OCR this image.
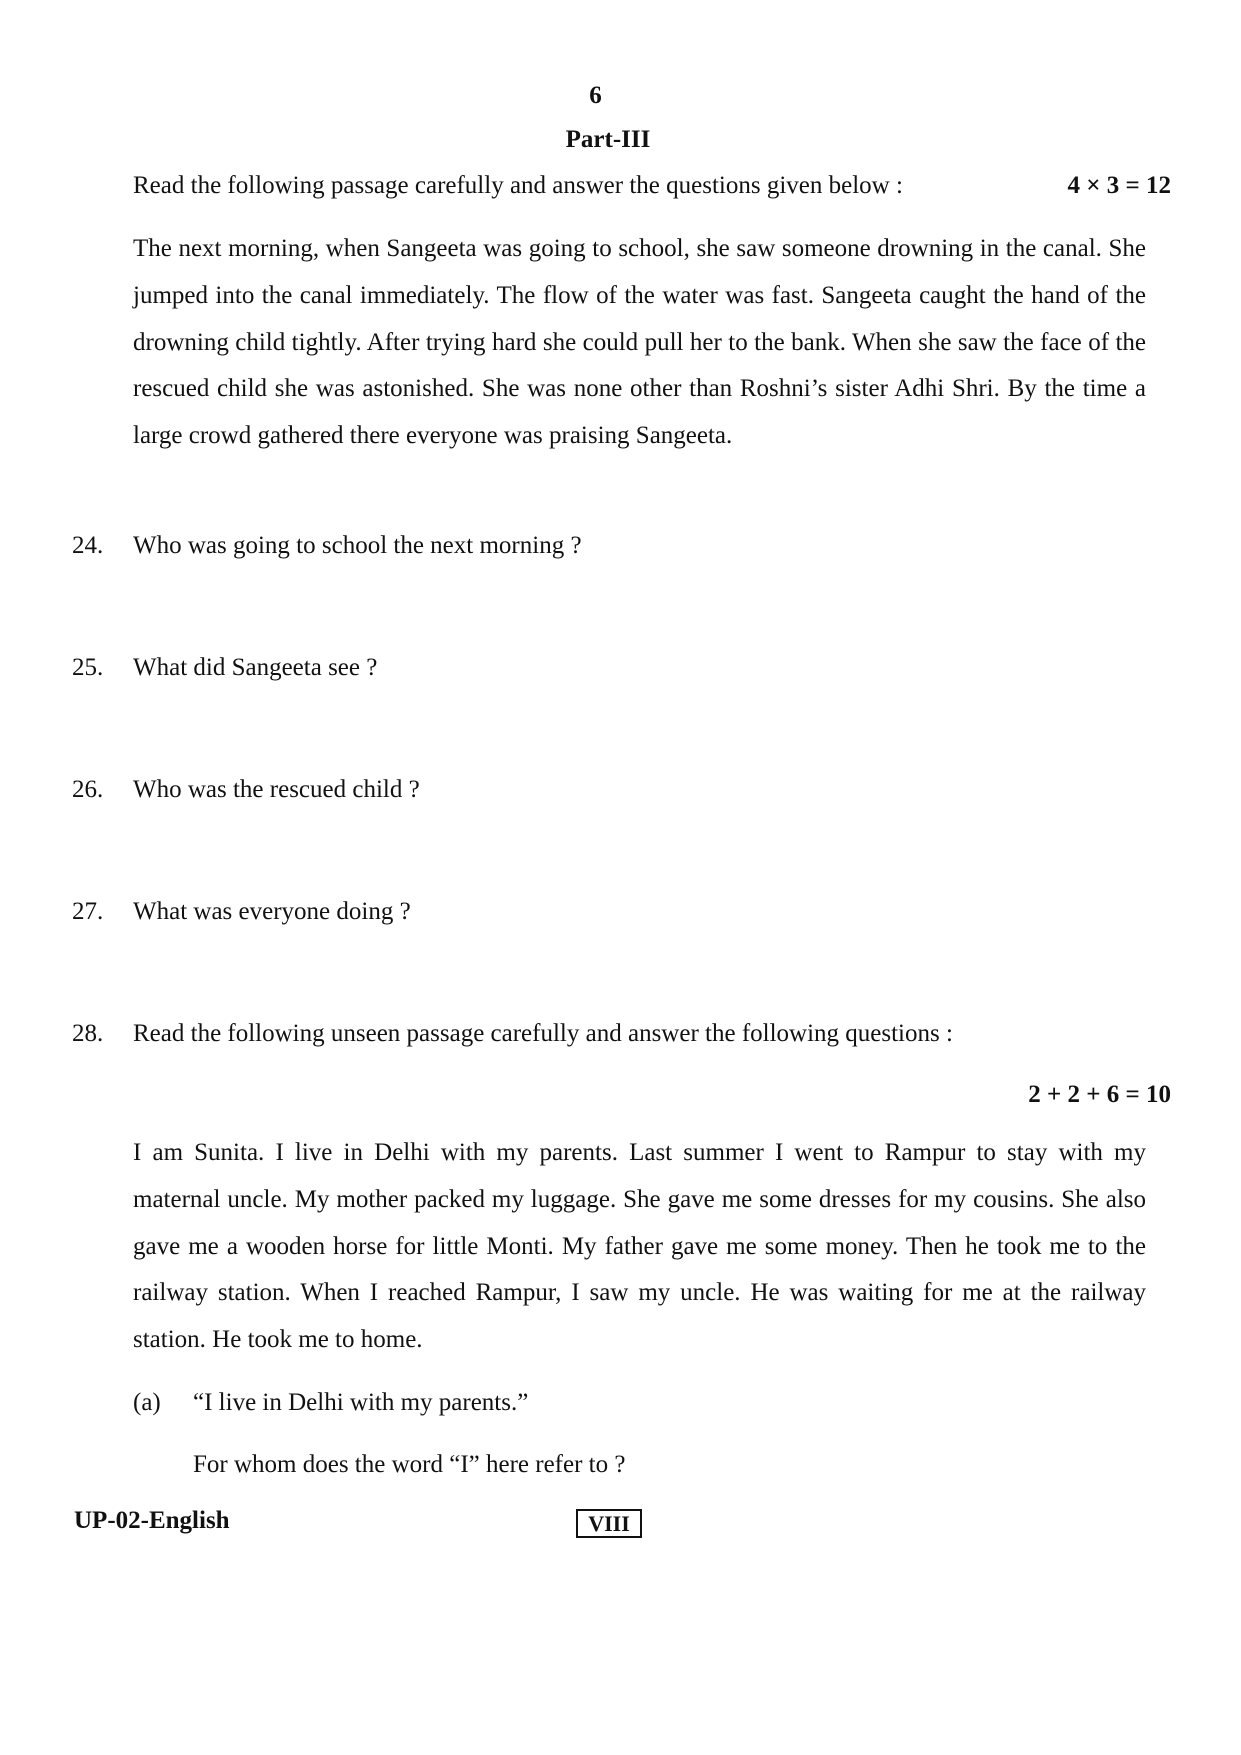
6
Part-III
Read the following passage carefully and answer the questions given below :	4 × 3 = 12

The next morning, when Sangeeta was going to school, she saw someone drowning in the canal. She jumped into the canal immediately. The flow of the water was fast. Sangeeta caught the hand of the drowning child tightly. After trying hard she could pull her to the bank. When she saw the face of the rescued child she was astonished. She was none other than Roshni’s sister Adhi Shri. By the time a large crowd gathered there everyone was praising Sangeeta.

24.	Who was going to school the next morning ?
25.	What did Sangeeta see ?
26.	Who was the rescued child ?
27.	What was everyone doing ?
28.	Read the following unseen passage carefully and answer the following questions :
2 + 2 + 6 = 10

I am Sunita. I live in Delhi with my parents. Last summer I went to Rampur to stay with my maternal uncle. My mother packed my luggage. She gave me some dresses for my cousins. She also gave me a wooden horse for little Monti. My father gave me some money. Then he took me to the railway station. When I reached Rampur, I saw my uncle. He was waiting for me at the railway station. He took me to home.

(a) “I live in Delhi with my parents.”
For whom does the word “I” here refer to ?
UP-02-English	VIII
